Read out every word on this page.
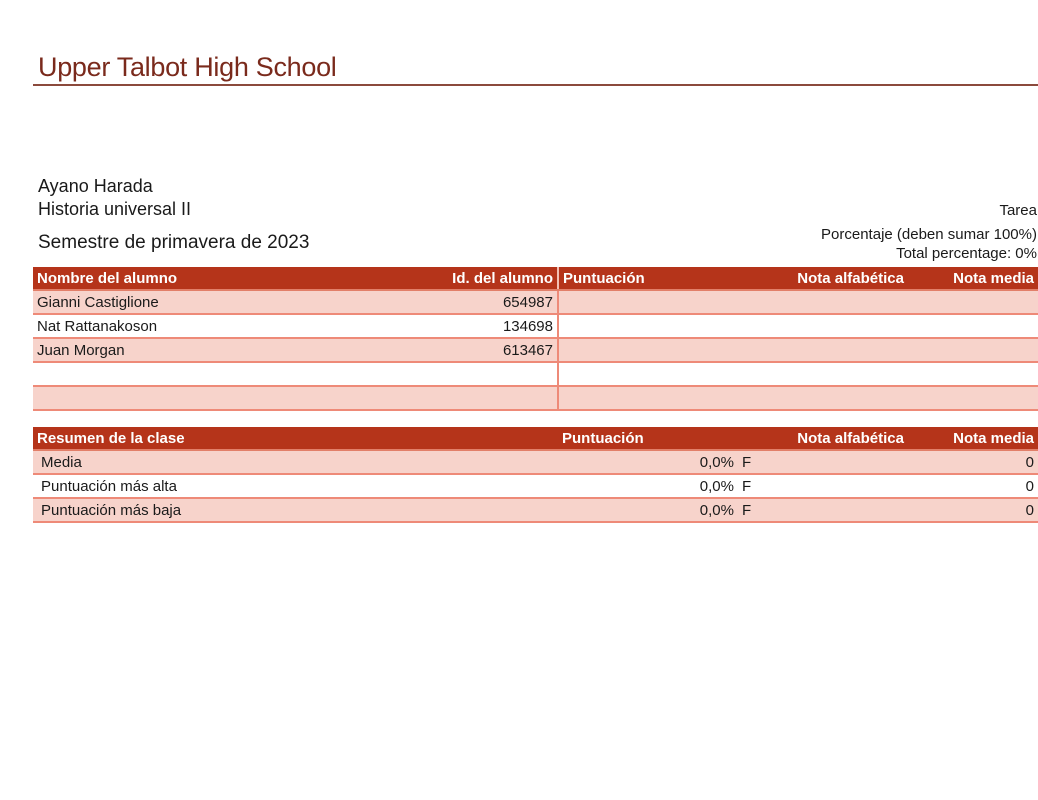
Upper Talbot High School
Ayano Harada
Historia universal II
Semestre de primavera de 2023
Tarea
Porcentaje (deben sumar 100%)
Total percentage: 0%
Nombre del alumno	Id. del alumno	Puntuación	Nota alfabética	Nota media
Gianni Castiglione	654987			
Nat Rattanakoson	134698			
Juan Morgan	613467			

Resumen de la clase	Puntuación	Nota alfabética	Nota media
Media	0,0%	F	0
Puntuación más alta	0,0%	F	0
Puntuación más baja	0,0%	F	0
